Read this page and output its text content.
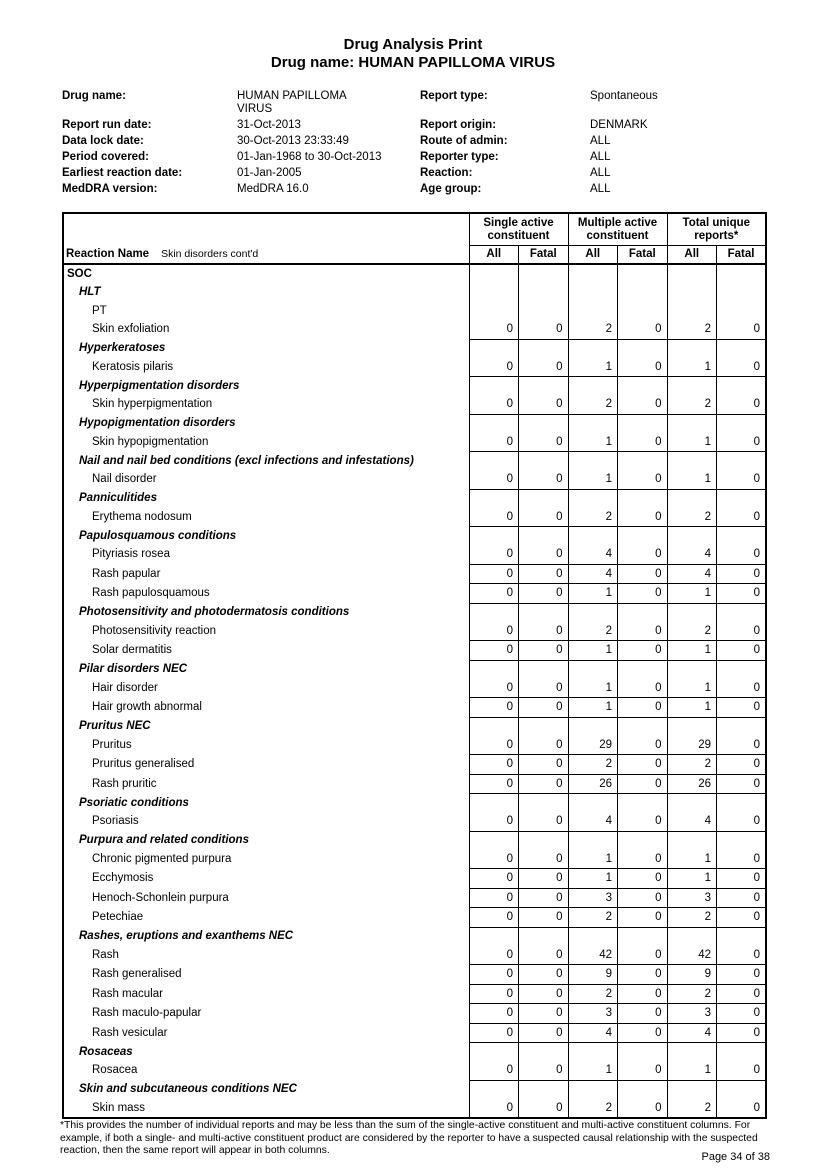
Drug Analysis Print
Drug name: HUMAN PAPILLOMA VIRUS
Drug name:	HUMAN PAPILLOMA VIRUS
Report type:	Spontaneous
Report run date:	31-Oct-2013	Report origin:	DENMARK
Data lock date:	30-Oct-2013 23:33:49	Route of admin:	ALL
Period covered:	01-Jan-1968 to 30-Oct-2013	Reporter type:	ALL
Earliest reaction date:	01-Jan-2005	Reaction:	ALL
MedDRA version:	MedDRA 16.0	Age group:	ALL
	Single active constituent		Multiple active constituent		Total unique reports*	
Reaction Name Skin disorders cont'd	All	Fatal	All	Fatal	All	Fatal
SOC						
HLT						
PT						
Skin exfoliation	0	0	2	0	2	0
Hyperkeratoses						
Keratosis pilaris	0	0	1	0	1	0
Hyperpigmentation disorders						
Skin hyperpigmentation	0	0	2	0	2	0
Hypopigmentation disorders						
Skin hypopigmentation	0	0	1	0	1	0
Nail and nail bed conditions (excl infections and infestations)						
Nail disorder	0	0	1	0	1	0
Panniculitides						
Erythema nodosum	0	0	2	0	2	0
Papulosquamous conditions						
Pityriasis rosea	0	0	4	0	4	0
Rash papular	0	0	4	0	4	0
Rash papulosquamous	0	0	1	0	1	0
Photosensitivity and photodermatosis conditions						
Photosensitivity reaction	0	0	2	0	2	0
Solar dermatitis	0	0	1	0	1	0
Pilar disorders NEC						
Hair disorder	0	0	1	0	1	0
Hair growth abnormal	0	0	1	0	1	0
Pruritus NEC						
Pruritus	0	0	29	0	29	0
Pruritus generalised	0	0	2	0	2	0
Rash pruritic	0	0	26	0	26	0
Psoriatic conditions						
Psoriasis	0	0	4	0	4	0
Purpura and related conditions						
Chronic pigmented purpura	0	0	1	0	1	0
Ecchymosis	0	0	1	0	1	0
Henoch-Schonlein purpura	0	0	3	0	3	0
Petechiae	0	0	2	0	2	0
Rashes, eruptions and exanthems NEC						
Rash	0	0	42	0	42	0
Rash generalised	0	0	9	0	9	0
Rash macular	0	0	2	0	2	0
Rash maculo-papular	0	0	3	0	3	0
Rash vesicular	0	0	4	0	4	0
Rosaceas						
Rosacea	0	0	1	0	1	0
Skin and subcutaneous conditions NEC						
Skin mass	0	0	2	0	2	0
*This provides the number of individual reports and may be less than the sum of the single-active constituent and multi-active constituent columns. For example, if both a single- and multi-active constituent product are considered by the reporter to have a suspected causal relationship with the suspected reaction, then the same report will appear in both columns.
Page 34 of 38
